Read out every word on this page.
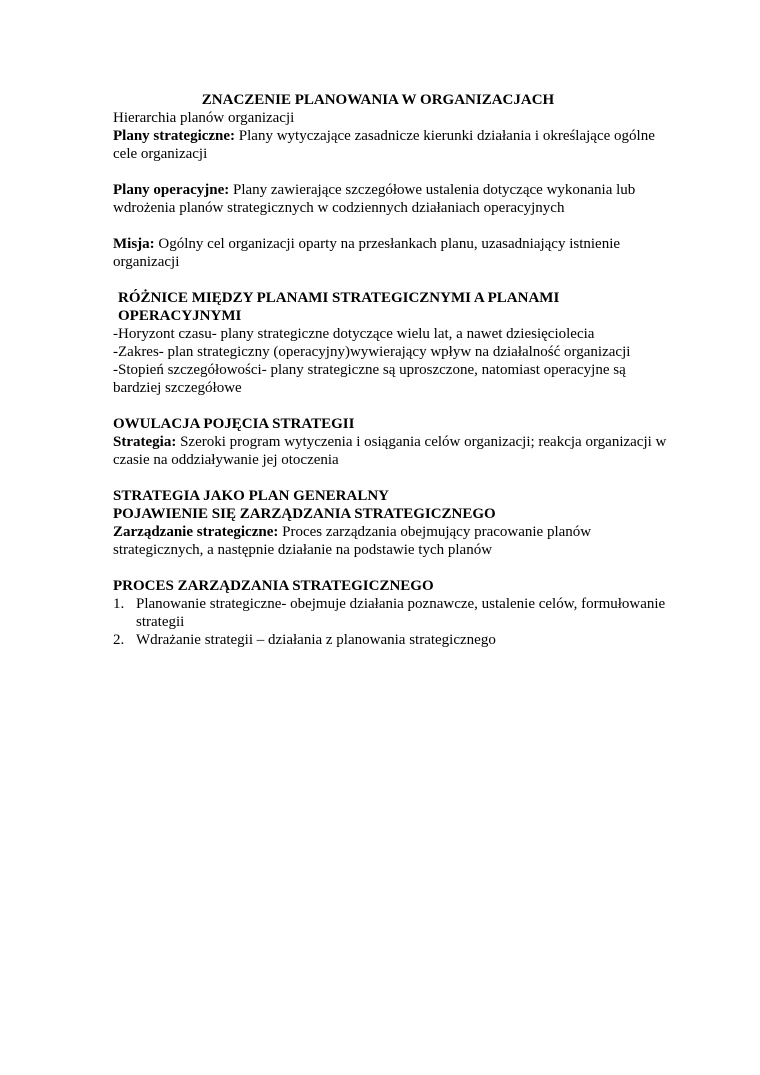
ZNACZENIE PLANOWANIA W ORGANIZACJACH

Hierarchia planów organizacji

Plany strategiczne: Plany wytyczające zasadnicze kierunki działania i określające ogólne cele organizacji

Plany operacyjne: Plany zawierające szczegółowe ustalenia dotyczące wykonania lub wdrożenia planów strategicznych w codziennych działaniach operacyjnych

Misja: Ogólny cel organizacji oparty na przesłankach planu, uzasadniający istnienie organizacji

RÓŻNICE MIĘDZY PLANAMI STRATEGICZNYMI A PLANAMI OPERACYJNYMI

-Horyzont czasu- plany strategiczne dotyczące wielu lat, a nawet dziesięciolecia

-Zakres- plan strategiczny (operacyjny)wywierający wpływ na działalność organizacji

-Stopień szczegółowości- plany strategiczne są uproszczone, natomiast operacyjne są bardziej szczegółowe

OWULACJA POJĘCIA STRATEGII

Strategia: Szeroki program wytyczenia i osiągania celów organizacji; reakcja organizacji w czasie na oddziaływanie jej otoczenia

STRATEGIA JAKO PLAN GENERALNY

POJAWIENIE SIĘ ZARZĄDZANIA STRATEGICZNEGO

Zarządzanie strategiczne: Proces zarządzania obejmujący pracowanie planów strategicznych, a następnie działanie na podstawie tych planów

PROCES ZARZĄDZANIA STRATEGICZNEGO

1. Planowanie strategiczne- obejmuje działania poznawcze, ustalenie celów, formułowanie strategii
2. Wdrażanie strategii – działania z planowania strategicznego
